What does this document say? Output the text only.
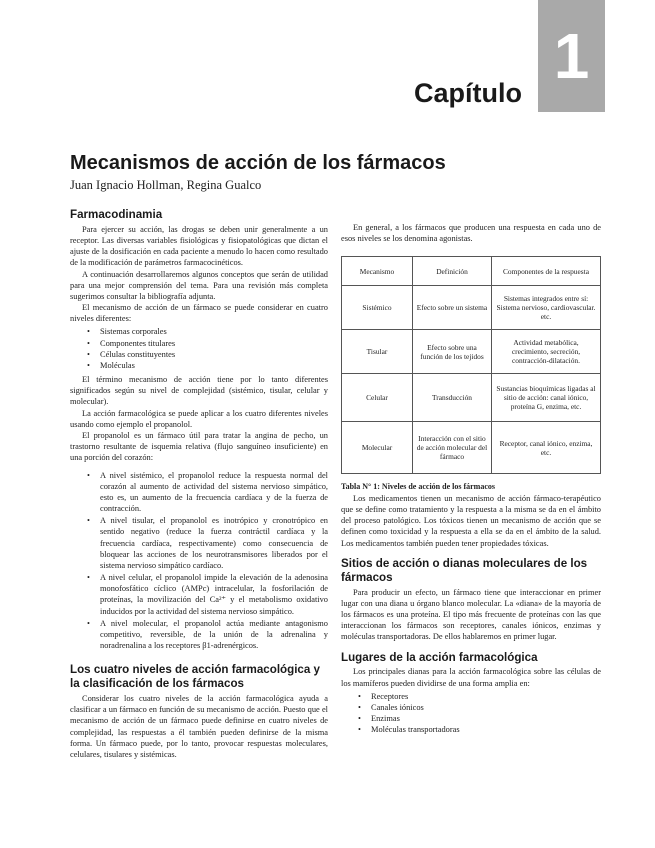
Capítulo
1
Mecanismos de acción de los fármacos
Juan Ignacio Hollman, Regina Gualco
Farmacodinamia

Para ejercer su acción, las drogas se deben unir generalmente a un receptor. Las diversas variables fisiológicas y fisiopatológicas que dictan el ajuste de la dosificación en cada paciente a menudo lo hacen como resultado de la modificación de parámetros farmacocinéticos.

A continuación desarrollaremos algunos conceptos que serán de utilidad para una mejor comprensión del tema. Para una revisión más completa sugerimos consultar la bibliografía adjunta.

El mecanismo de acción de un fármaco se puede considerar en cuatro niveles diferentes:

• Sistemas corporales
• Componentes titulares
• Células constituyentes
• Moléculas

El término mecanismo de acción tiene por lo tanto diferentes significados según su nivel de complejidad (sistémico, tisular, celular y molecular).

La acción farmacológica se puede aplicar a los cuatro diferentes niveles usando como ejemplo el propanolol.

El propanolol es un fármaco útil para tratar la angina de pecho, un trastorno resultante de isquemia relativa (flujo sanguíneo insuficiente) en una porción del corazón:

• A nivel sistémico, el propanolol reduce la respuesta normal del corazón al aumento de actividad del sistema nervioso simpático, esto es, un aumento de la frecuencia cardíaca y de la fuerza de contracción.
• A nivel tisular, el propanolol es inotrópico y cronotrópico en sentido negativo (reduce la fuerza contráctil cardíaca y la frecuencia cardíaca, respectivamente) como consecuencia de bloquear las acciones de los neurotransmisores liberados por el sistema nervioso simpático cardíaco.
• A nivel celular, el propanolol impide la elevación de la adenosina monofosfático cíclico (AMPc) intracelular, la fosforilación de proteínas, la movilización del Ca²⁺ y el metabolismo oxidativo inducidos por la actividad del sistema nervioso simpático.
• A nivel molecular, el propanolol actúa mediante antagonismo competitivo, reversible, de la unión de la adrenalina y noradrenalina a los receptores β1-adrenérgicos.
Los cuatro niveles de acción farmacológica y la clasificación de los fármacos

Considerar los cuatro niveles de la acción farmacológica ayuda a clasificar a un fármaco en función de su mecanismo de acción. Puesto que el mecanismo de acción de un fármaco puede definirse en cuatro niveles de complejidad, las respuestas a él también pueden definirse de la misma forma. Un fármaco puede, por lo tanto, provocar respuestas moleculares, celulares, tisulares y sistémicas.

En general, a los fármacos que producen una respuesta en cada uno de esos niveles se los denomina agonistas.

Mecanismo	Definición	Componentes de la respuesta
Sistémico	Efecto sobre un sistema	Sistemas integrados entre sí: Sistema nervioso, cardiovascular. etc.
Tisular	Efecto sobre una función de los tejidos	Actividad metabólica, crecimiento, secreción, contracción-dilatación.
Celular	Transducción	Sustancias bioquímicas ligadas al sitio de acción: canal iónico, proteína G, enzima, etc.
Molecular	Interacción con el sitio de acción molecular del fármaco	Receptor, canal iónico, enzima, etc.

Tabla N° 1: Niveles de acción de los fármacos

Los medicamentos tienen un mecanismo de acción fármaco-terapéutico que se define como tratamiento y la respuesta a la misma se da en el ámbito del proceso patológico. Los tóxicos tienen un mecanismo de acción que se definen como toxicidad y la respuesta a ella se da en el ámbito de la salud. Los medicamentos también pueden tener propiedades tóxicas.

Sitios de acción o dianas moleculares de los fármacos

Para producir un efecto, un fármaco tiene que interaccionar en primer lugar con una diana u órgano blanco molecular. La «diana» de la mayoría de los fármacos es una proteína. El tipo más frecuente de proteínas con las que interaccionan los fármacos son receptores, canales iónicos, enzimas y moléculas transportadoras. De ellos hablaremos en primer lugar.

Lugares de la acción farmacológica

Los principales dianas para la acción farmacológica sobre las células de los mamíferos pueden dividirse de una forma amplia en:

• Receptores
• Canales iónicos
• Enzimas
• Moléculas transportadoras
